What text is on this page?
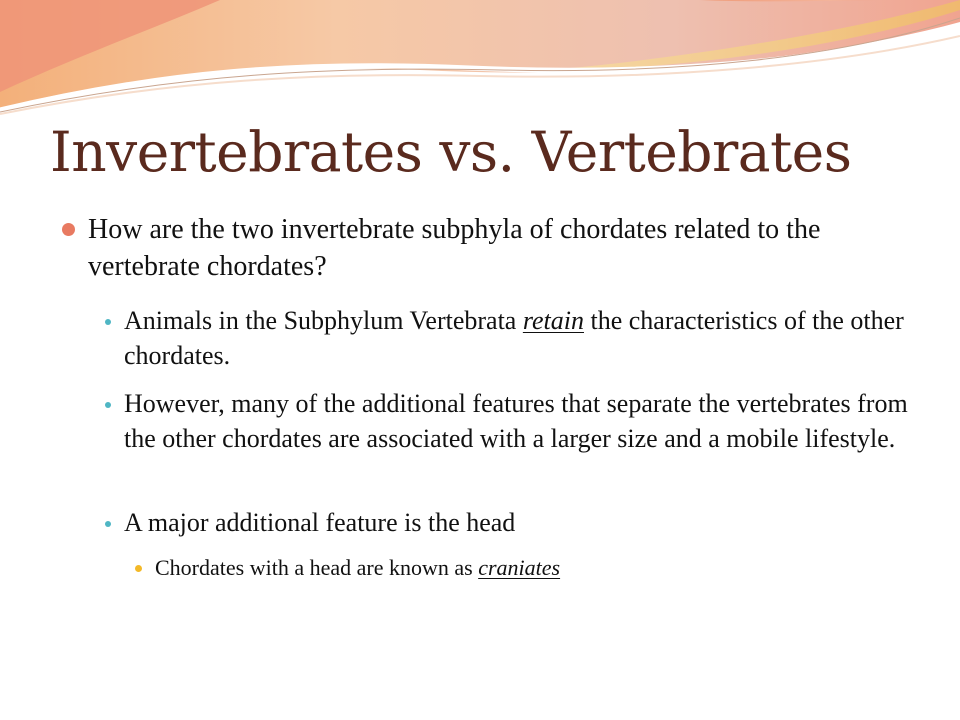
Invertebrates vs. Vertebrates
How are the two invertebrate subphyla of chordates related to the vertebrate chordates?
Animals in the Subphylum Vertebrata retain the characteristics of the other chordates.
However, many of the additional features that separate the vertebrates from the other chordates are associated with a larger size and a mobile lifestyle.
A major additional feature is the head
Chordates with a head are known as craniates
